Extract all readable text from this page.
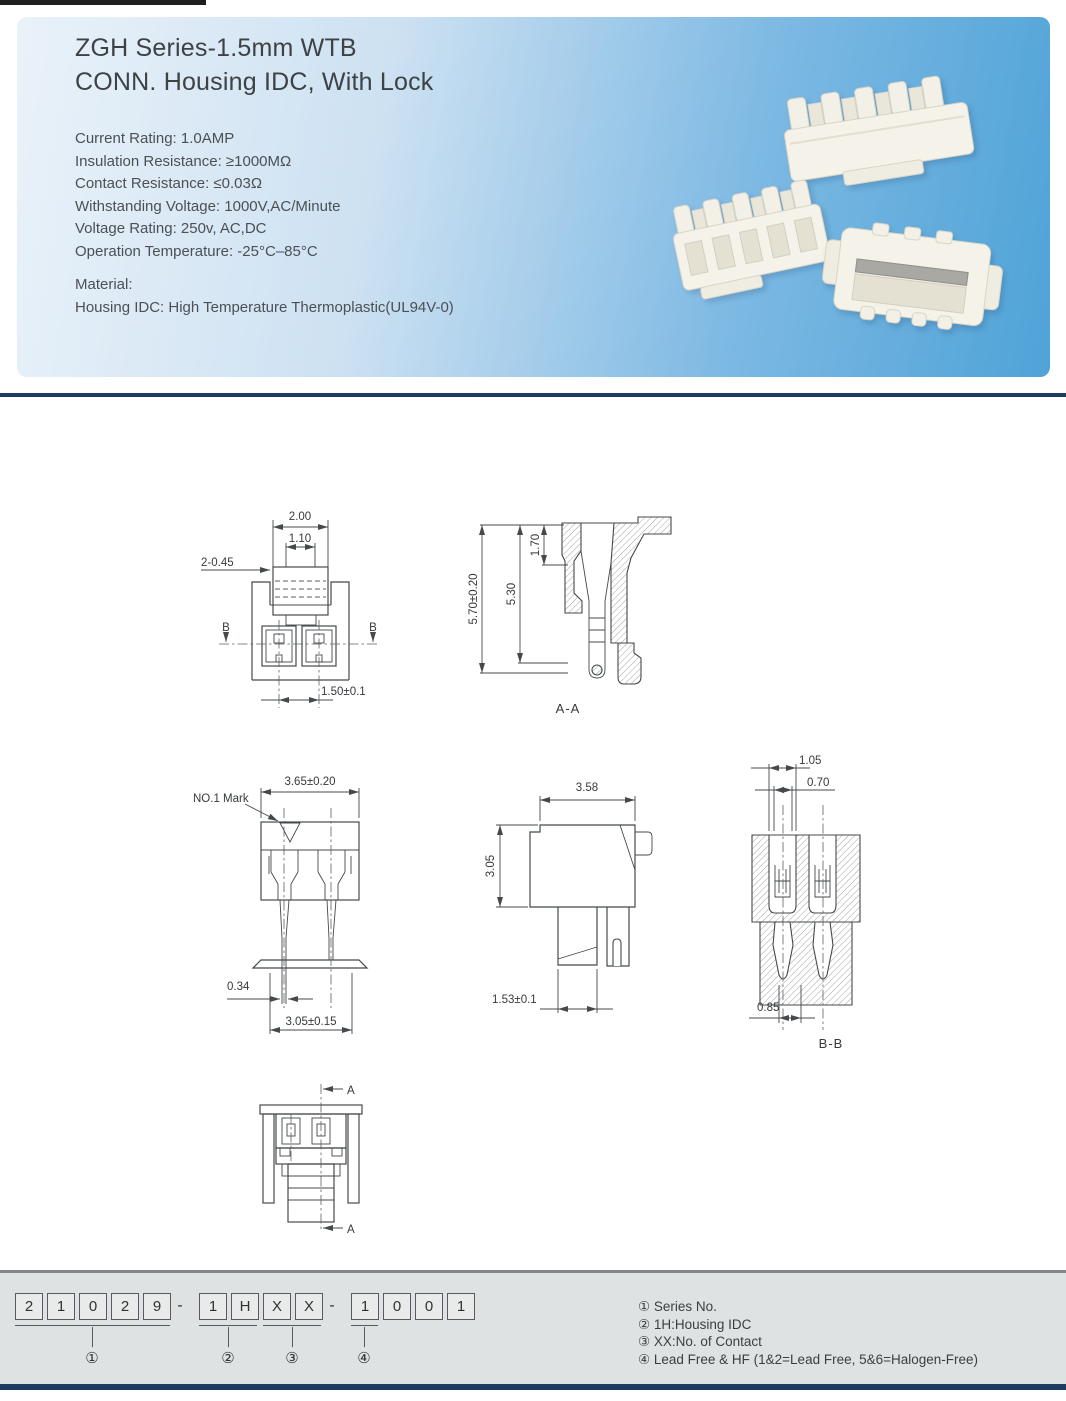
ZGH Series-1.5mm WTB
CONN. Housing IDC, With Lock
Current Rating: 1.0AMP
Insulation Resistance: ≥1000MΩ
Contact Resistance: ≤0.03Ω
Withstanding Voltage: 1000V,AC/Minute
Voltage Rating: 250v, AC,DC
Operation Temperature: -25°C–85°C
Material:
Housing IDC: High Temperature Thermoplastic(UL94V-0)
2.00
1.10
2-0.45
B	B
1.50±0.1
5.70±0.20 5.30
1.70
A-A
3.65±0.20
NO.1 Mark
0.34
3.05±0.15
3.58
3.05
1.53±0.1
1.05
0.70
0.85
B-B
A
A
2	1	0	2	9	-	1	H	X	X -	1	0	0	1
①	②	③	④
① Series No.
② 1H:Housing IDC
③ XX:No. of Contact
④ Lead Free & HF (1&2=Lead Free, 5&6=Halogen-Free)
